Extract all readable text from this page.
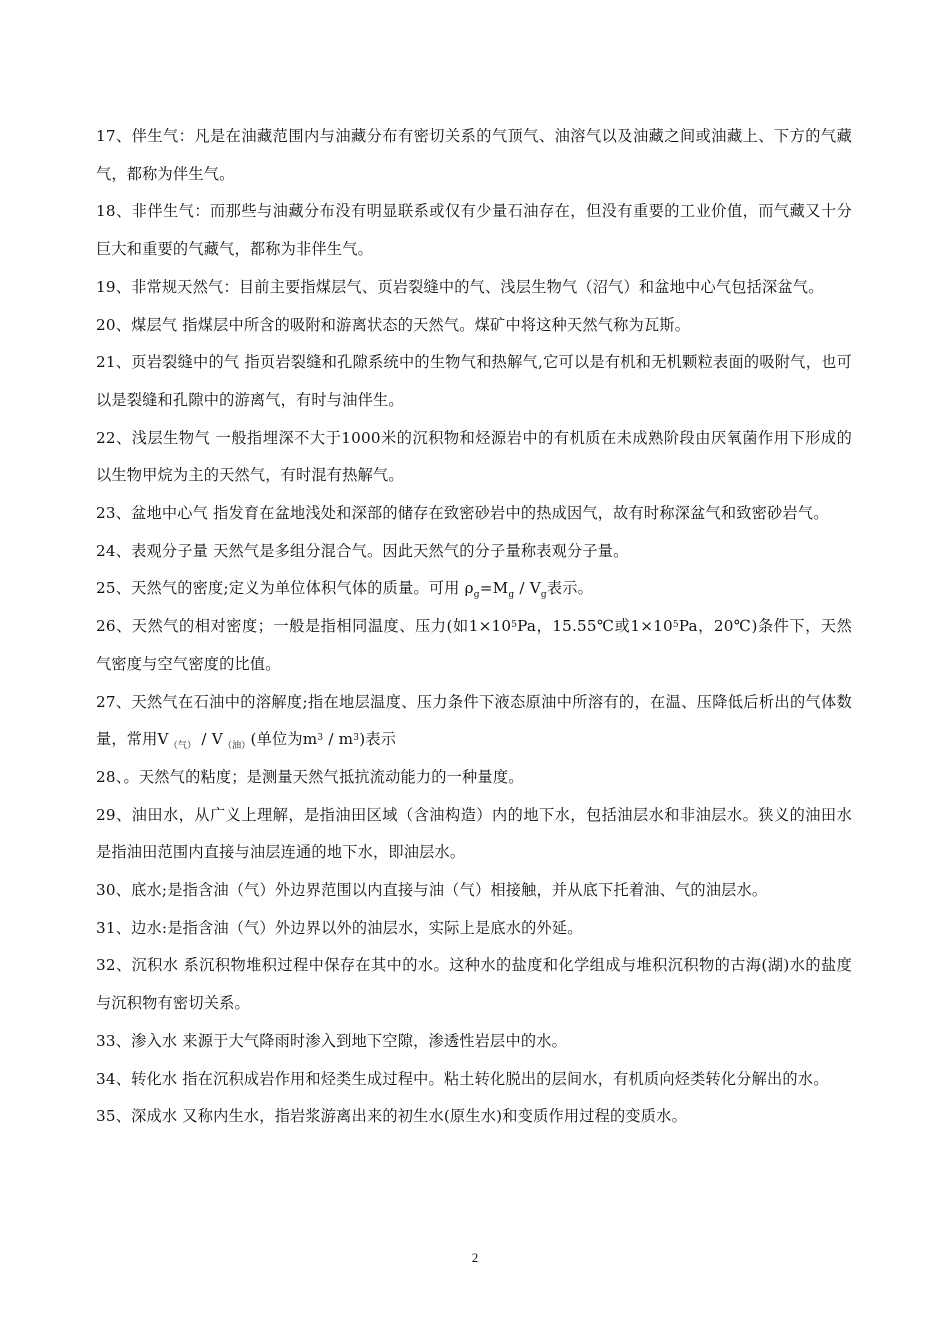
17、伴生气：凡是在油藏范围内与油藏分布有密切关系的气顶气、油溶气以及油藏之间或油藏上、下方的气藏气，都称为伴生气。

18、非伴生气：而那些与油藏分布没有明显联系或仅有少量石油存在，但没有重要的工业价值，而气藏又十分巨大和重要的气藏气，都称为非伴生气。

19、非常规天然气：目前主要指煤层气、页岩裂缝中的气、浅层生物气（沼气）和盆地中心气包括深盆气。

20、煤层气 指煤层中所含的吸附和游离状态的天然气。煤矿中将这种天然气称为瓦斯。

21、页岩裂缝中的气 指页岩裂缝和孔隙系统中的生物气和热解气,它可以是有机和无机颗粒表面的吸附气，也可以是裂缝和孔隙中的游离气，有时与油伴生。

22、浅层生物气 一般指埋深不大于1000米的沉积物和烃源岩中的有机质在未成熟阶段由厌氧菌作用下形成的以生物甲烷为主的天然气，有时混有热解气。

23、盆地中心气 指发育在盆地浅处和深部的储存在致密砂岩中的热成因气，故有时称深盆气和致密砂岩气。

24、表观分子量 天然气是多组分混合气。因此天然气的分子量称表观分子量。

25、天然气的密度;定义为单位体积气体的质量。可用 $\rho_g=M_g / V_g$表示。

26、天然气的相对密度；一般是指相同温度、压力(如$1\times 10^5Pa$，15.55℃或$1\times 10^5Pa$，20℃)条件下，天然气密度与空气密度的比值。

27、天然气在石油中的溶解度;指在地层温度、压力条件下液态原油中所溶有的，在温、压降低后析出的气体数量，常用$V_{(气)} / V_{(油)}$(单位为$m^3 / m^3$)表示

28、。天然气的粘度；是测量天然气抵抗流动能力的一种量度。

29、油田水，从广义上理解，是指油田区域（含油构造）内的地下水，包括油层水和非油层水。狭义的油田水是指油田范围内直接与油层连通的地下水，即油层水。

30、底水;是指含油（气）外边界范围以内直接与油（气）相接触，并从底下托着油、气的油层水。

31、边水:是指含油（气）外边界以外的油层水，实际上是底水的外延。

32、沉积水 系沉积物堆积过程中保存在其中的水。这种水的盐度和化学组成与堆积沉积物的古海(湖)水的盐度与沉积物有密切关系。

33、渗入水 来源于大气降雨时渗入到地下空隙，渗透性岩层中的水。

34、转化水 指在沉积成岩作用和烃类生成过程中。粘土转化脱出的层间水，有机质向烃类转化分解出的水。

35、深成水 又称内生水，指岩浆游离出来的初生水(原生水)和变质作用过程的变质水。

2
